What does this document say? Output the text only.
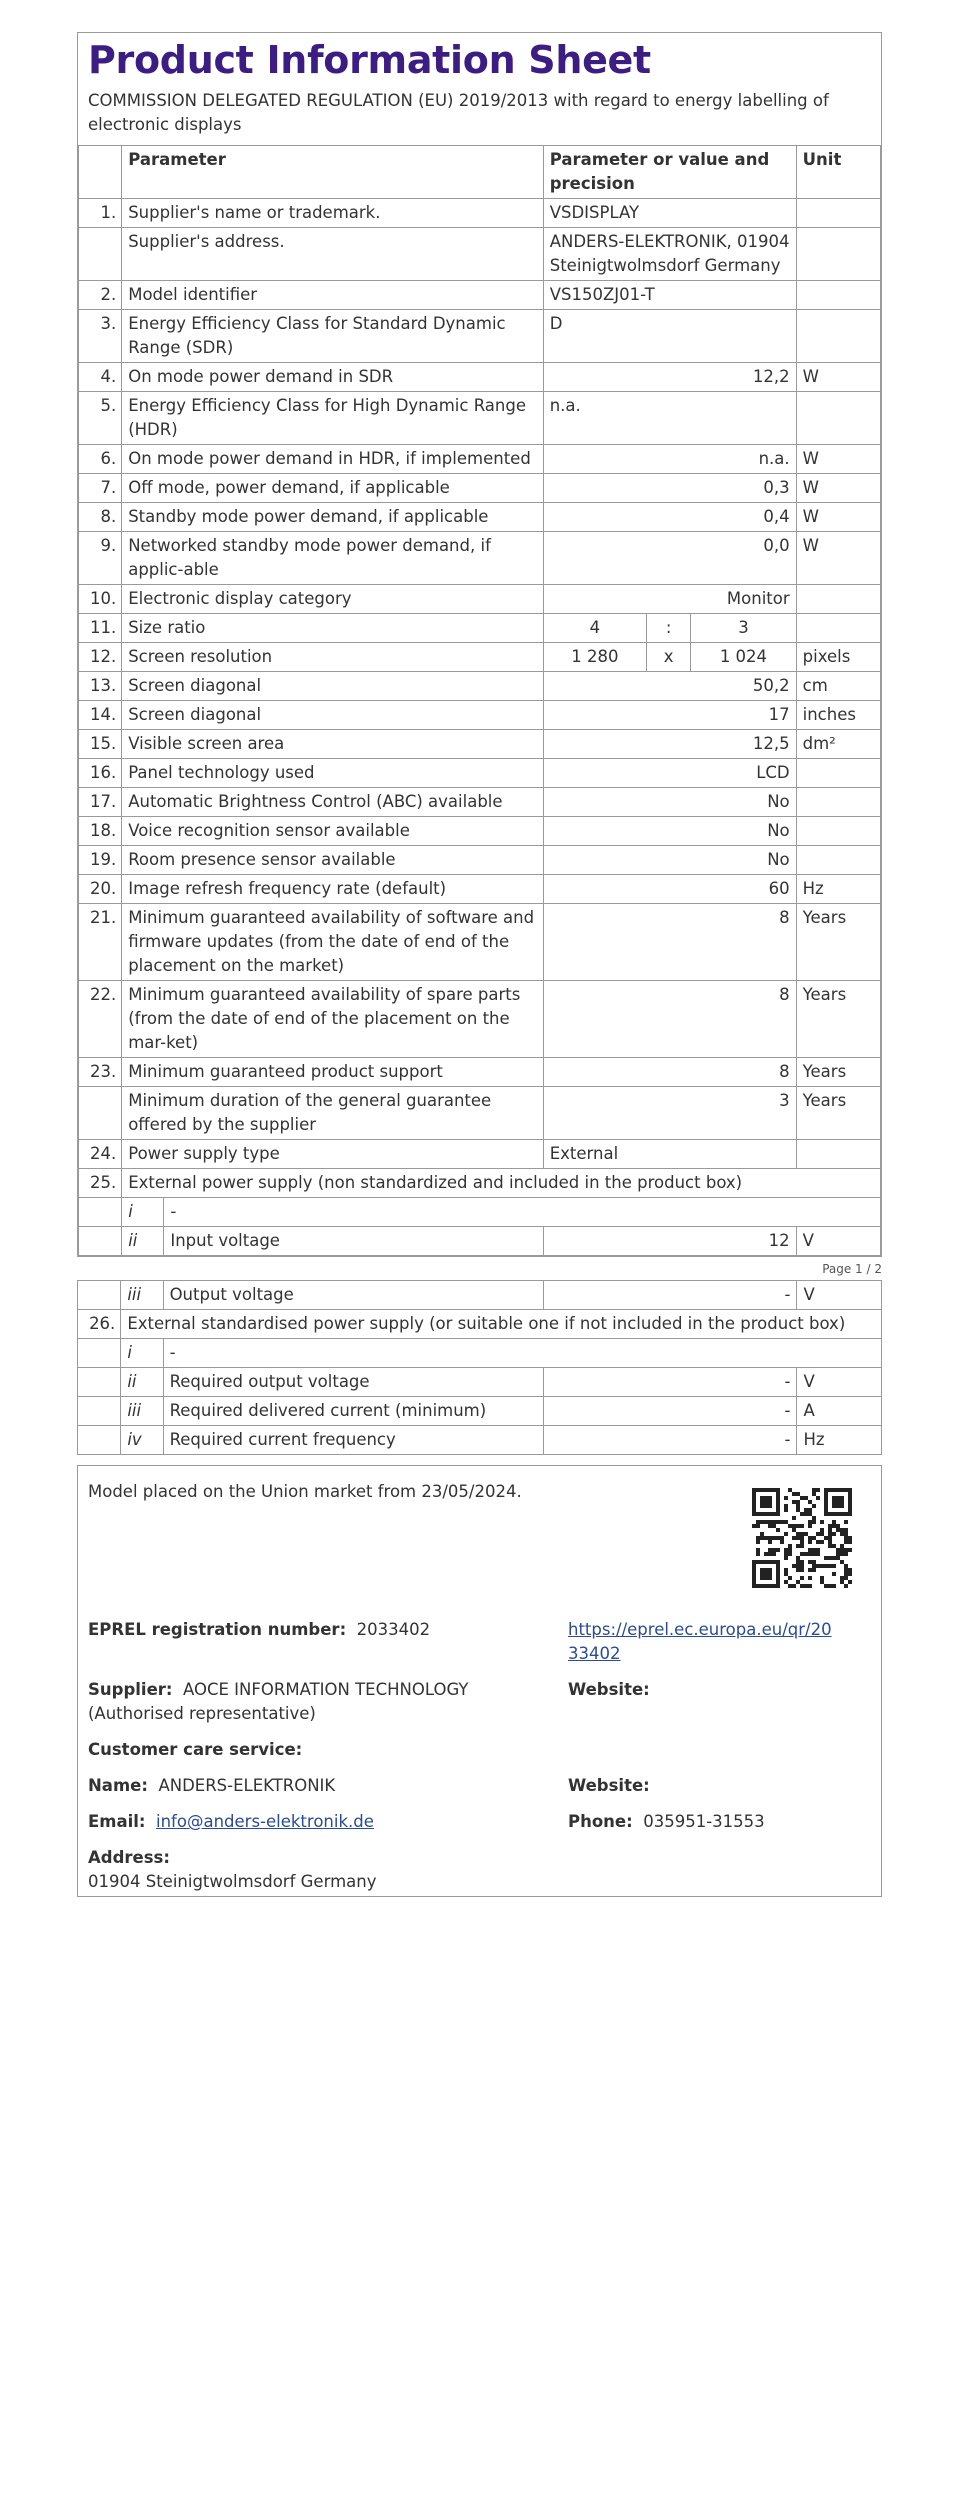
Product Information Sheet
COMMISSION DELEGATED REGULATION (EU) 2019/2013 with regard to energy labelling of electronic displays
	Parameter		Parameter or value and precision			Unit
1.	Supplier's name or trademark.		VSDISPLAY			
	Supplier's address.		ANDERS-ELEKTRONIK, 01904 Steinigtwolmsdorf Germany			
2.	Model identifier		VS150ZJ01-T			
3.	Energy Efficiency Class for Standard Dynamic Range (SDR)		D			
4.	On mode power demand in SDR		12,2			W
5.	Energy Efficiency Class for High Dynamic Range (HDR)		n.a.			
6.	On mode power demand in HDR, if implemented		n.a.			W
7.	Off mode, power demand, if applicable		0,3			W
8.	Standby mode power demand, if applicable		0,4			W
9.	Networked standby mode power demand, if applic-able		0,0			W
10.	Electronic display category		Monitor			
11.	Size ratio		4	:	3	
12.	Screen resolution		1 280	x	1 024	pixels
13.	Screen diagonal		50,2			cm
14.	Screen diagonal		17			inches
15.	Visible screen area		12,5			dm²
16.	Panel technology used		LCD			
17.	Automatic Brightness Control (ABC) available		No			
18.	Voice recognition sensor available		No			
19.	Room presence sensor available		No			
20.	Image refresh frequency rate (default)		60			Hz
21.	Minimum guaranteed availability of software and firmware updates (from the date of end of the placement on the market)		8			Years
22.	Minimum guaranteed availability of spare parts (from the date of end of the placement on the mar-ket)		8			Years
23.	Minimum guaranteed product support		8			Years
	Minimum duration of the general guarantee offered by the supplier		3			Years
24.	Power supply type		External			
25.	External power supply (non standardized and included in the product box)					
	i	-				
	ii	Input voltage	12			V
Page 1 / 2
	iii	Output voltage	-	V
26.	External standardised power supply (or suitable one if not included in the product box)			
	i	-		
	ii	Required output voltage	-	V
	iii	Required delivered current (minimum)	-	A
	iv	Required current frequency	-	Hz
Model placed on the Union market from 23/05/2024.
EPREL registration number: 2033402	https://eprel.ec.europa.eu/qr/20 33402
Supplier: AOCE INFORMATION TECHNOLOGY (Authorised representative)
Website:
Customer care service:
Name: ANDERS-ELEKTRONIK	Website:
Email: info@anders-elektronik.de	Phone: 035951-31553
Address:
01904 Steinigtwolmsdorf Germany
